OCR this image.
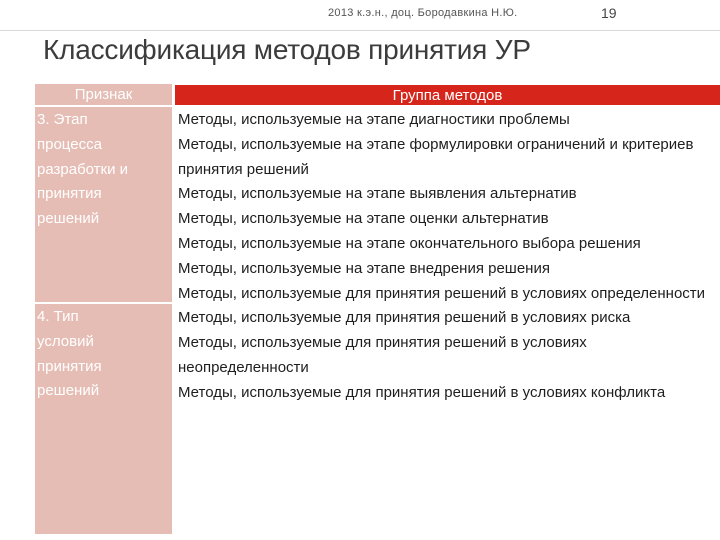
2013 к.э.н., доц. Бородавкина Н.Ю.	19
Классификация методов принятия УР
Признак
3. Этап
процесса
разработки и
принятия
решений
4. Тип
условий
принятия
решений
Группа методов

Методы, используемые на этапе диагностики проблемы

Методы, используемые на этапе формулировки ограничений и критериев принятия решений

Методы, используемые на этапе выявления альтернатив

Методы, используемые на этапе оценки альтернатив

Методы, используемые на этапе окончательного выбора решения

Методы, используемые на этапе внедрения решения

Методы, используемые для принятия решений в условиях определенности

Методы, используемые для принятия решений в условиях риска

Методы, используемые для принятия решений в условиях неопределенности

Методы, используемые для принятия решений в условиях конфликта
